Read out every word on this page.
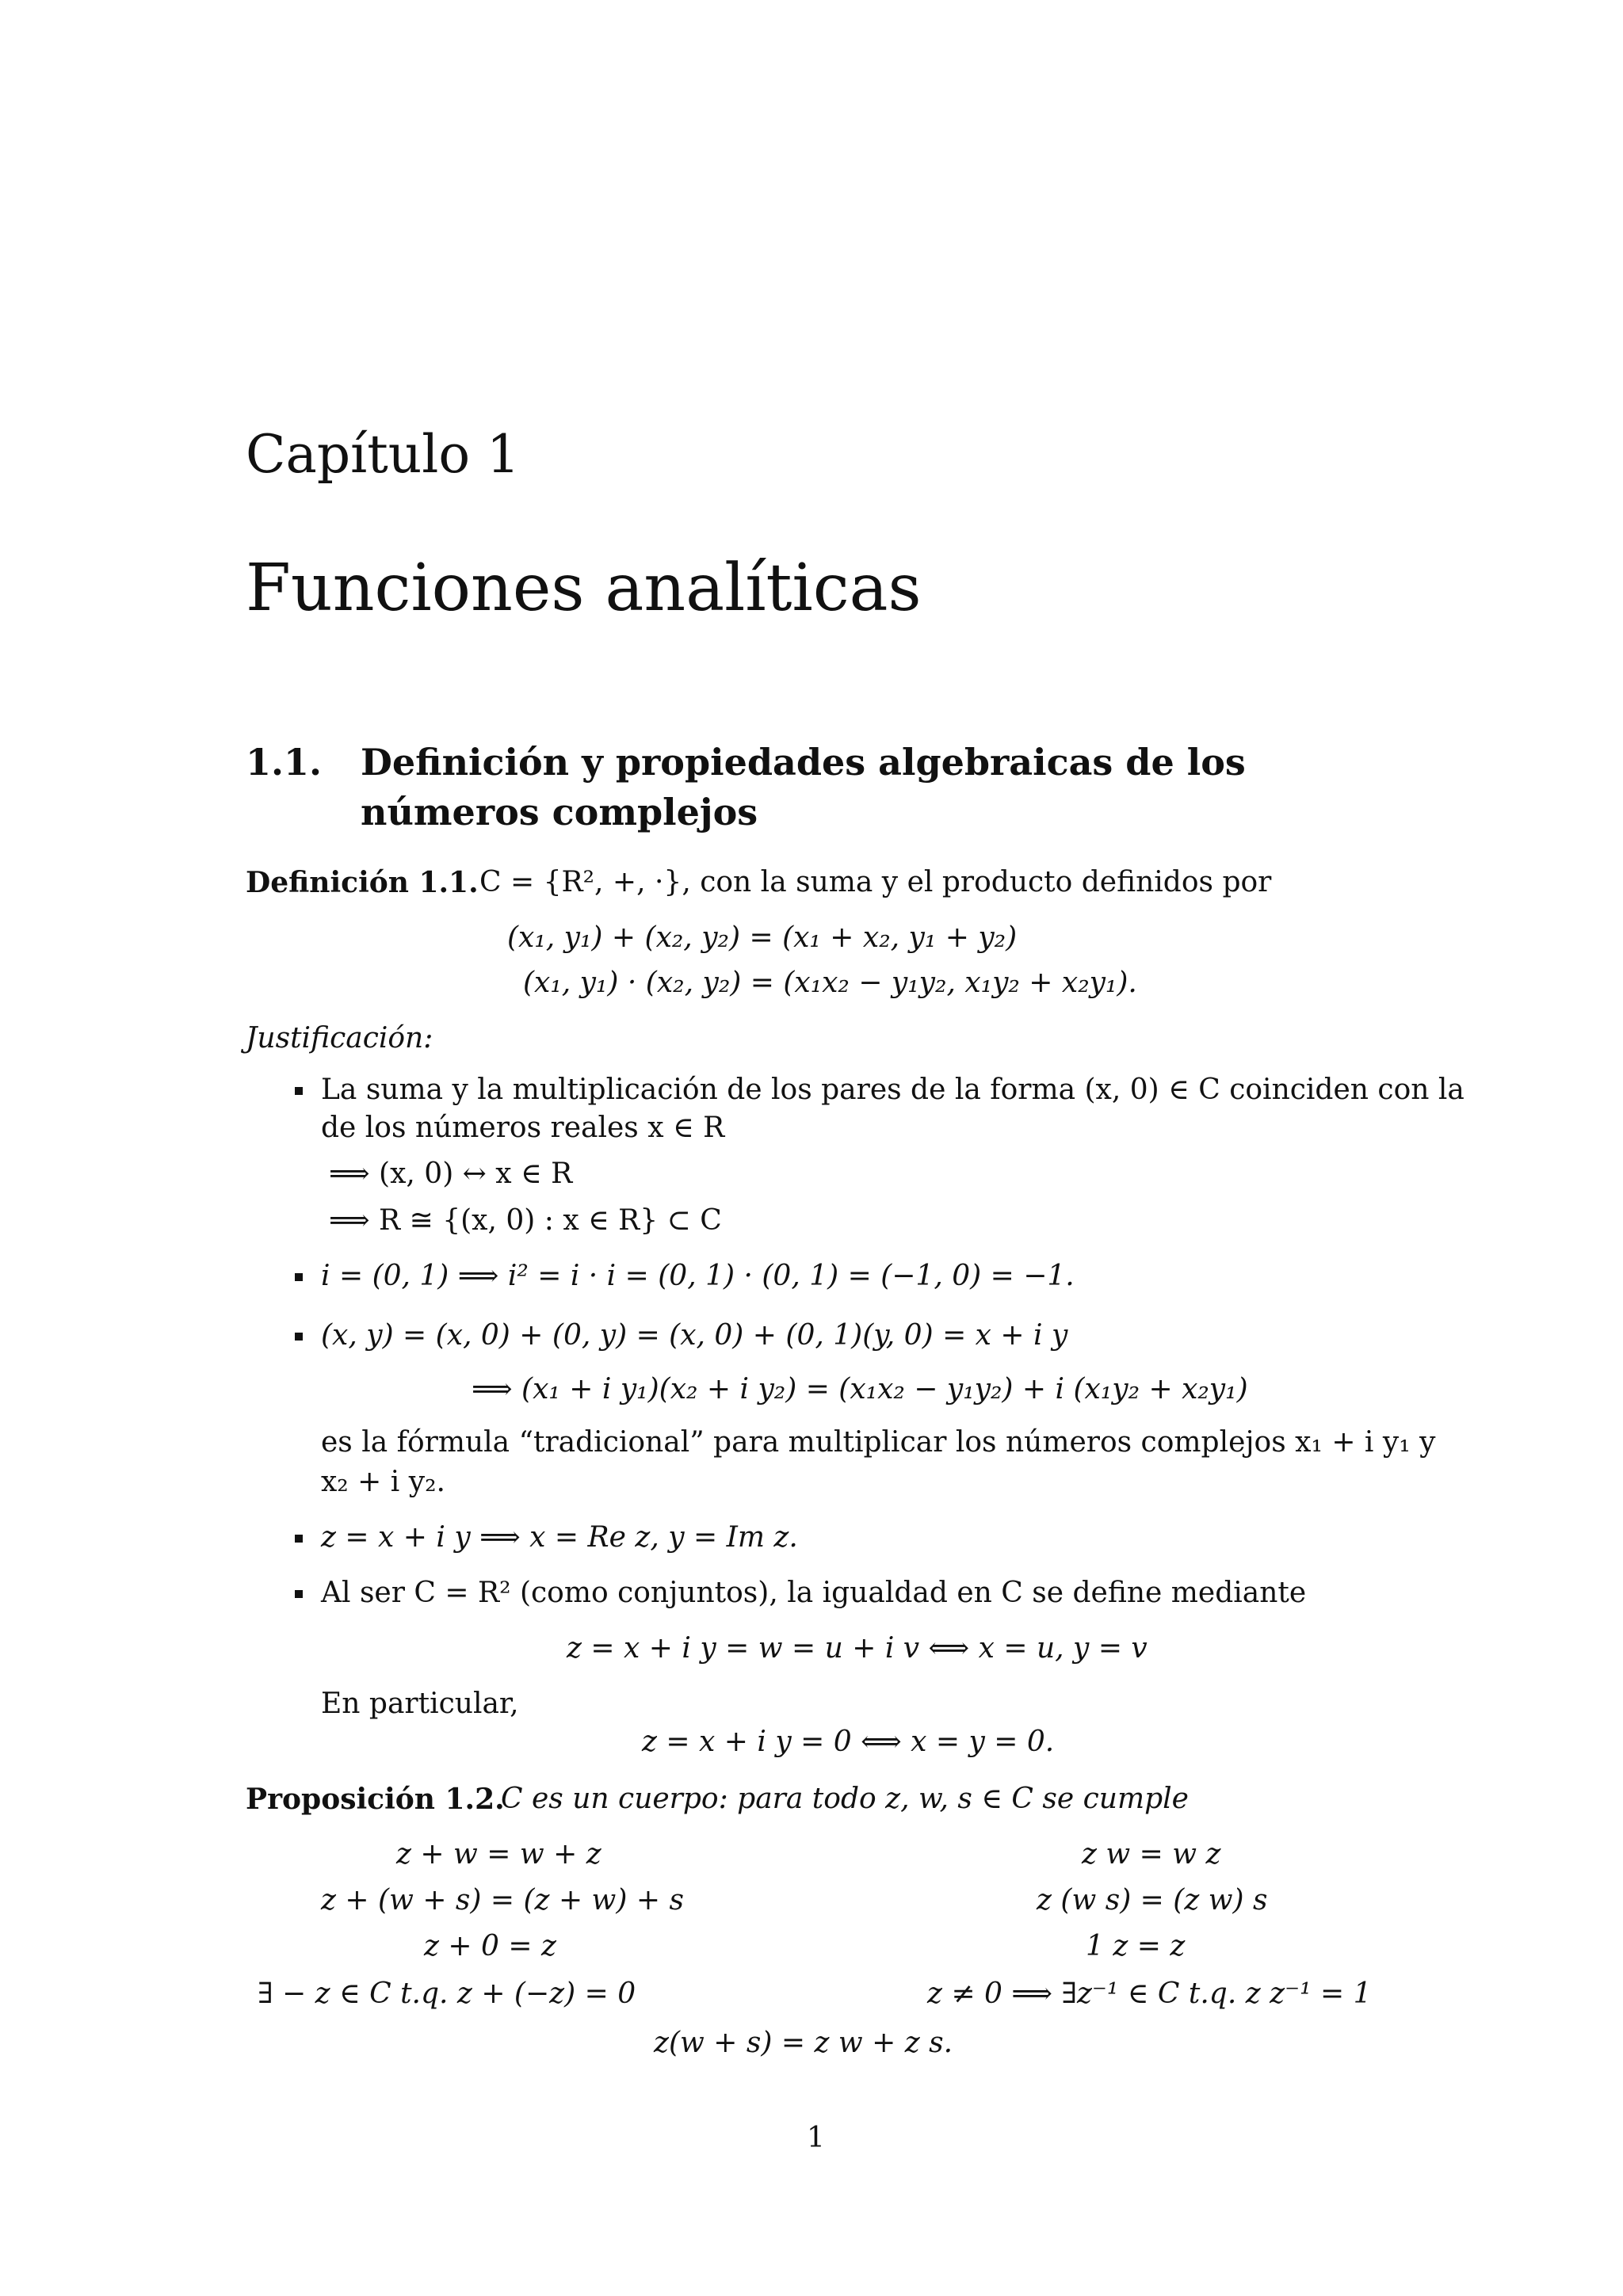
Capítulo 1
Funciones analíticas
1.1. Definición y propiedades algebraicas de los
números complejos
Definición 1.1. C = {R², +, ·}, con la suma y el producto definidos por
(x₁, y₁) + (x₂, y₂) = (x₁ + x₂, y₁ + y₂)
(x₁, y₁) · (x₂, y₂) = (x₁x₂ − y₁y₂, x₁y₂ + x₂y₁).
Justificación:
La suma y la multiplicación de los pares de la forma (x, 0) ∈ C coinciden con la
de los números reales x ∈ R
⟹ (x, 0) ↔ x ∈ R
⟹ R ≅ {(x, 0) : x ∈ R} ⊂ C
i = (0, 1) ⟹ i² = i · i = (0, 1) · (0, 1) = (−1, 0) = −1.
(x, y) = (x, 0) + (0, y) = (x, 0) + (0, 1)(y, 0) = x + i y
⟹ (x₁ + i y₁)(x₂ + i y₂) = (x₁x₂ − y₁y₂) + i (x₁y₂ + x₂y₁)
es la fórmula “tradicional” para multiplicar los números complejos x₁ + i y₁ y
x₂ + i y₂.
z = x + i y ⟹ x = Re z, y = Im z.
Al ser C = R² (como conjuntos), la igualdad en C se define mediante
z = x + i y = w = u + i v ⟺ x = u, y = v
En particular,
z = x + i y = 0 ⟺ x = y = 0.
Proposición 1.2.
C es un cuerpo: para todo z, w, s ∈ C se cumple
z + w = w + z
z + (w + s) = (z + w) + s
z + 0 = z
∃ − z ∈ C t.q. z + (−z) = 0
z w = w z
z (w s) = (z w) s
1 z = z
z ≠ 0 ⟹ ∃z⁻¹ ∈ C t.q. z z⁻¹ = 1
z(w + s) = z w + z s.
1
